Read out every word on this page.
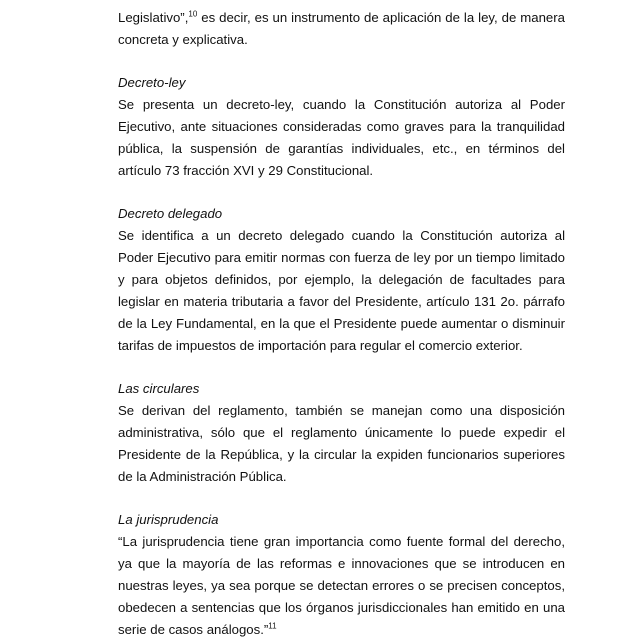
Legislativo”,$^{10}$ es decir, es un instrumento de aplicación de la ley, de manera concreta y explicativa.

Decreto-ley

Se presenta un decreto-ley, cuando la Constitución autoriza al Poder Ejecutivo, ante situaciones consideradas como graves para la tranquilidad pública, la suspensión de garantías individuales, etc., en términos del artículo 73 fracción XVI y 29 Constitucional.

Decreto delegado

Se identifica a un decreto delegado cuando la Constitución autoriza al Poder Ejecutivo para emitir normas con fuerza de ley por un tiempo limitado y para objetos definidos, por ejemplo, la delegación de facultades para legislar en materia tributaria a favor del Presidente, artículo 131 2o. párrafo de la Ley Fundamental, en la que el Presidente puede aumentar o disminuir tarifas de impuestos de importación para regular el comercio exterior.

Las circulares

Se derivan del reglamento, también se manejan como una disposición administrativa, sólo que el reglamento únicamente lo puede expedir el Presidente de la República, y la circular la expiden funcionarios superiores de la Administración Pública.

La jurisprudencia

“La jurisprudencia tiene gran importancia como fuente formal del derecho, ya que la mayoría de las reformas e innovaciones que se introducen en nuestras leyes, ya sea porque se detectan errores o se precisen conceptos, obedecen a sentencias que los órganos jurisdiccionales han emitido en una serie de casos análogos.”$^{11}$
